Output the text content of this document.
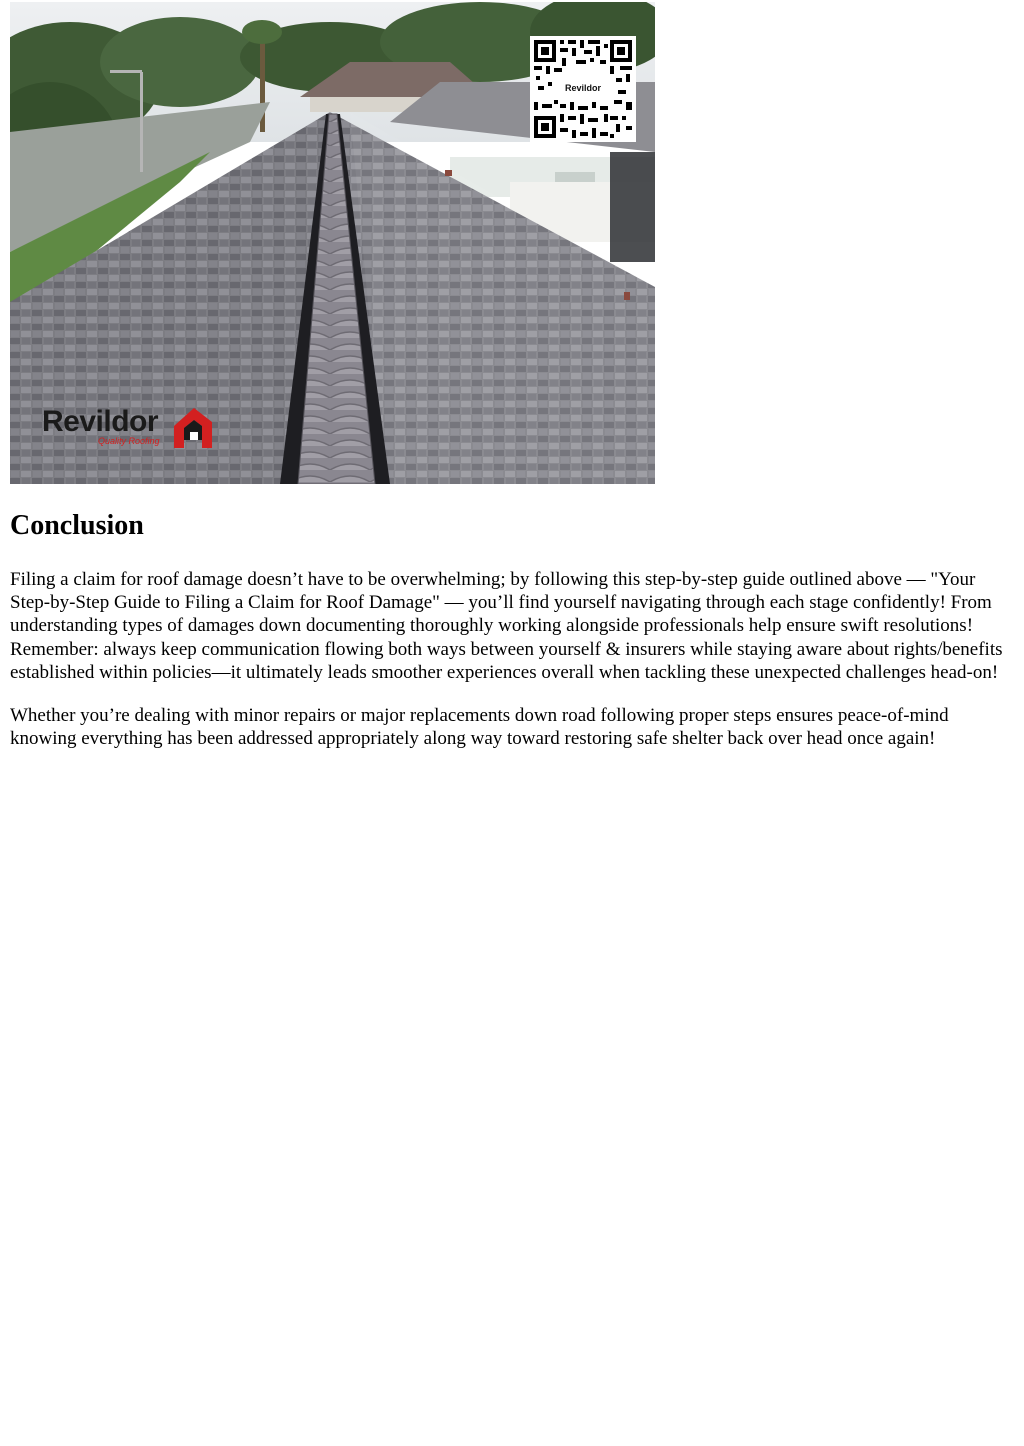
Revildor
Revildor
Quality Roofing
Conclusion

Filing a claim for roof damage doesn’t have to be overwhelming; by following this step-by-step guide outlined above — "Your Step-by-Step Guide to Filing a Claim for Roof Damage" — you’ll find yourself navigating through each stage confidently! From understanding types of damages down documenting thoroughly working alongside professionals help ensure swift resolutions! Remember: always keep communication flowing both ways between yourself & insurers while staying aware about rights/benefits established within policies—it ultimately leads smoother experiences overall when tackling these unexpected challenges head-on!

Whether you’re dealing with minor repairs or major replacements down road following proper steps ensures peace-of-mind knowing everything has been addressed appropriately along way toward restoring safe shelter back over head once again!
